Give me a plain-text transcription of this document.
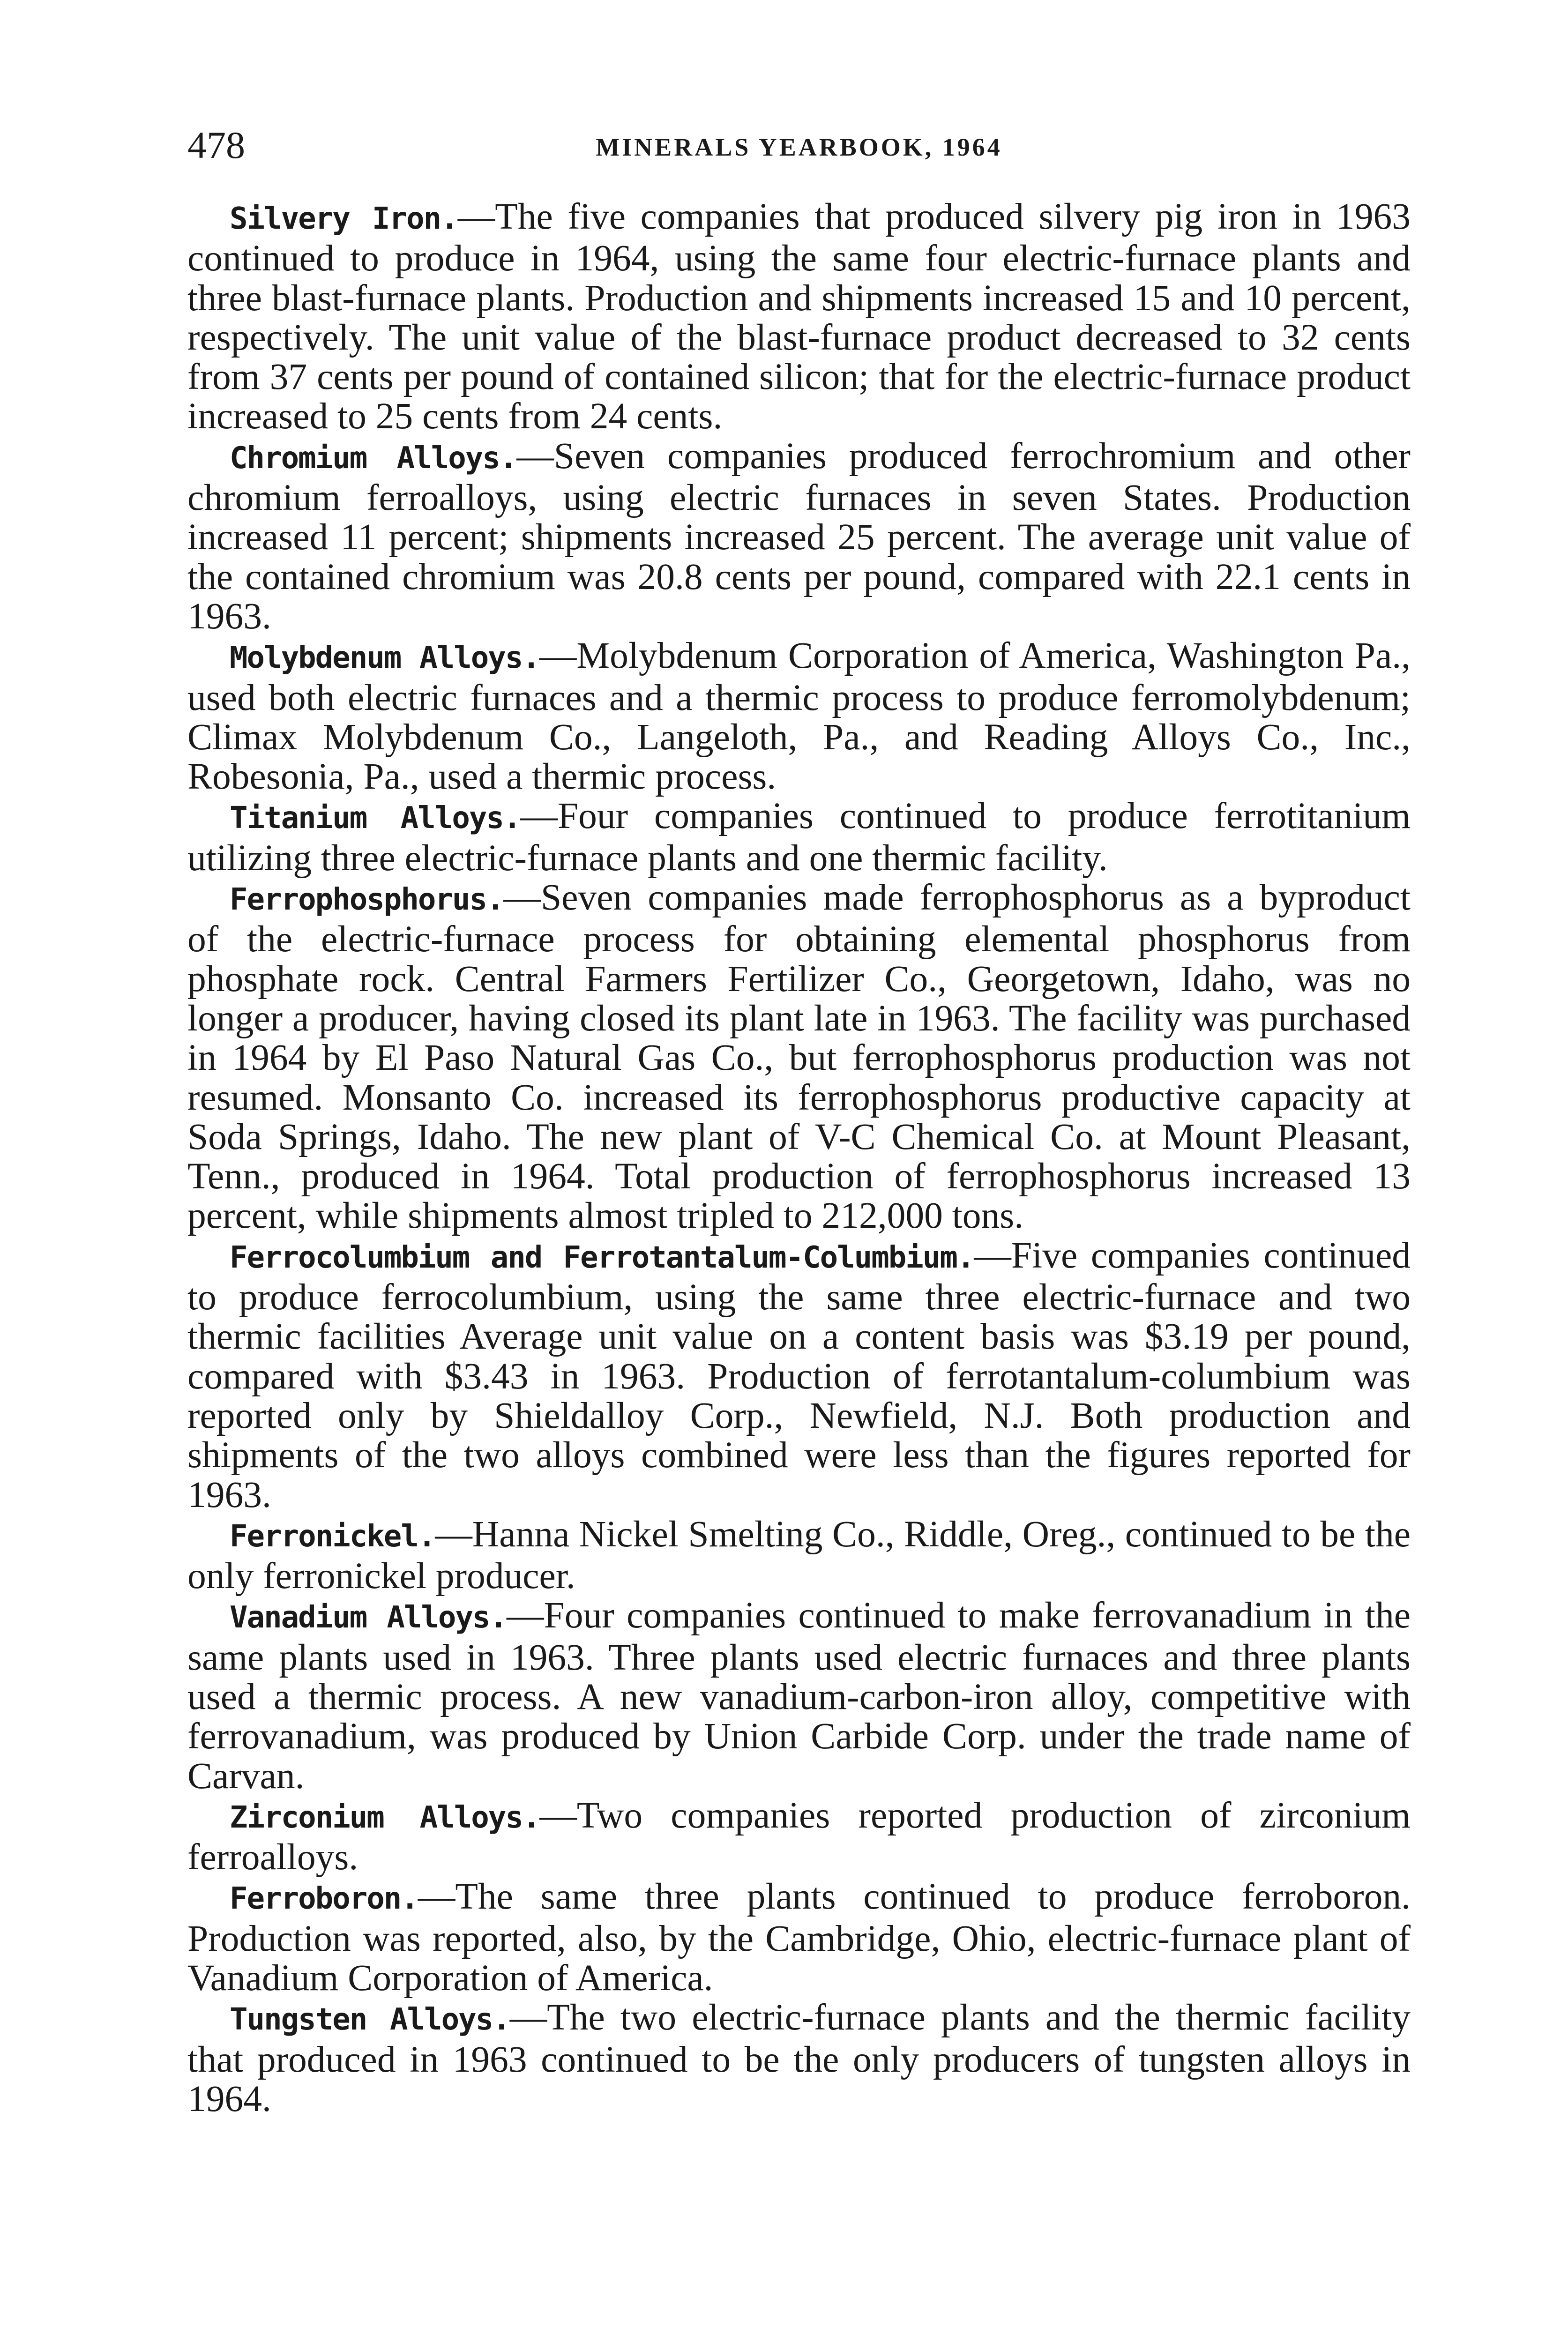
478	MINERALS YEARBOOK, 1964

Silvery Iron.—The five companies that produced silvery pig iron in 1963 continued to produce in 1964, using the same four electric-furnace plants and three blast-furnace plants. Production and shipments increased 15 and 10 percent, respectively. The unit value of the blast-furnace product decreased to 32 cents from 37 cents per pound of contained silicon; that for the electric-furnace product increased to 25 cents from 24 cents.

Chromium Alloys.—Seven companies produced ferrochromium and other chromium ferroalloys, using electric furnaces in seven States. Production increased 11 percent; shipments increased 25 percent. The average unit value of the contained chromium was 20.8 cents per pound, compared with 22.1 cents in 1963.

Molybdenum Alloys.—Molybdenum Corporation of America, Washington Pa., used both electric furnaces and a thermic process to produce ferromolybdenum; Climax Molybdenum Co., Langeloth, Pa., and Reading Alloys Co., Inc., Robesonia, Pa., used a thermic process.

Titanium Alloys.—Four companies continued to produce ferrotitanium utilizing three electric-furnace plants and one thermic facility.

Ferrophosphorus.—Seven companies made ferrophosphorus as a byproduct of the electric-furnace process for obtaining elemental phosphorus from phosphate rock. Central Farmers Fertilizer Co., Georgetown, Idaho, was no longer a producer, having closed its plant late in 1963. The facility was purchased in 1964 by El Paso Natural Gas Co., but ferrophosphorus production was not resumed. Monsanto Co. increased its ferrophosphorus productive capacity at Soda Springs, Idaho. The new plant of V-C Chemical Co. at Mount Pleasant, Tenn., produced in 1964. Total production of ferrophosphorus increased 13 percent, while shipments almost tripled to 212,000 tons.

Ferrocolumbium and Ferrotantalum-Columbium.—Five companies continued to produce ferrocolumbium, using the same three electric-furnace and two thermic facilities Average unit value on a content basis was $3.19 per pound, compared with $3.43 in 1963. Production of ferrotantalum-columbium was reported only by Shieldalloy Corp., Newfield, N.J. Both production and shipments of the two alloys combined were less than the figures reported for 1963.

Ferronickel.—Hanna Nickel Smelting Co., Riddle, Oreg., continued to be the only ferronickel producer.

Vanadium Alloys.—Four companies continued to make ferrovanadium in the same plants used in 1963. Three plants used electric furnaces and three plants used a thermic process. A new vanadium-carbon-iron alloy, competitive with ferrovanadium, was produced by Union Carbide Corp. under the trade name of Carvan.

Zirconium Alloys.—Two companies reported production of zirconium ferroalloys.

Ferroboron.—The same three plants continued to produce ferroboron. Production was reported, also, by the Cambridge, Ohio, electric-furnace plant of Vanadium Corporation of America.

Tungsten Alloys.—The two electric-furnace plants and the thermic facility that produced in 1963 continued to be the only producers of tungsten alloys in 1964.
